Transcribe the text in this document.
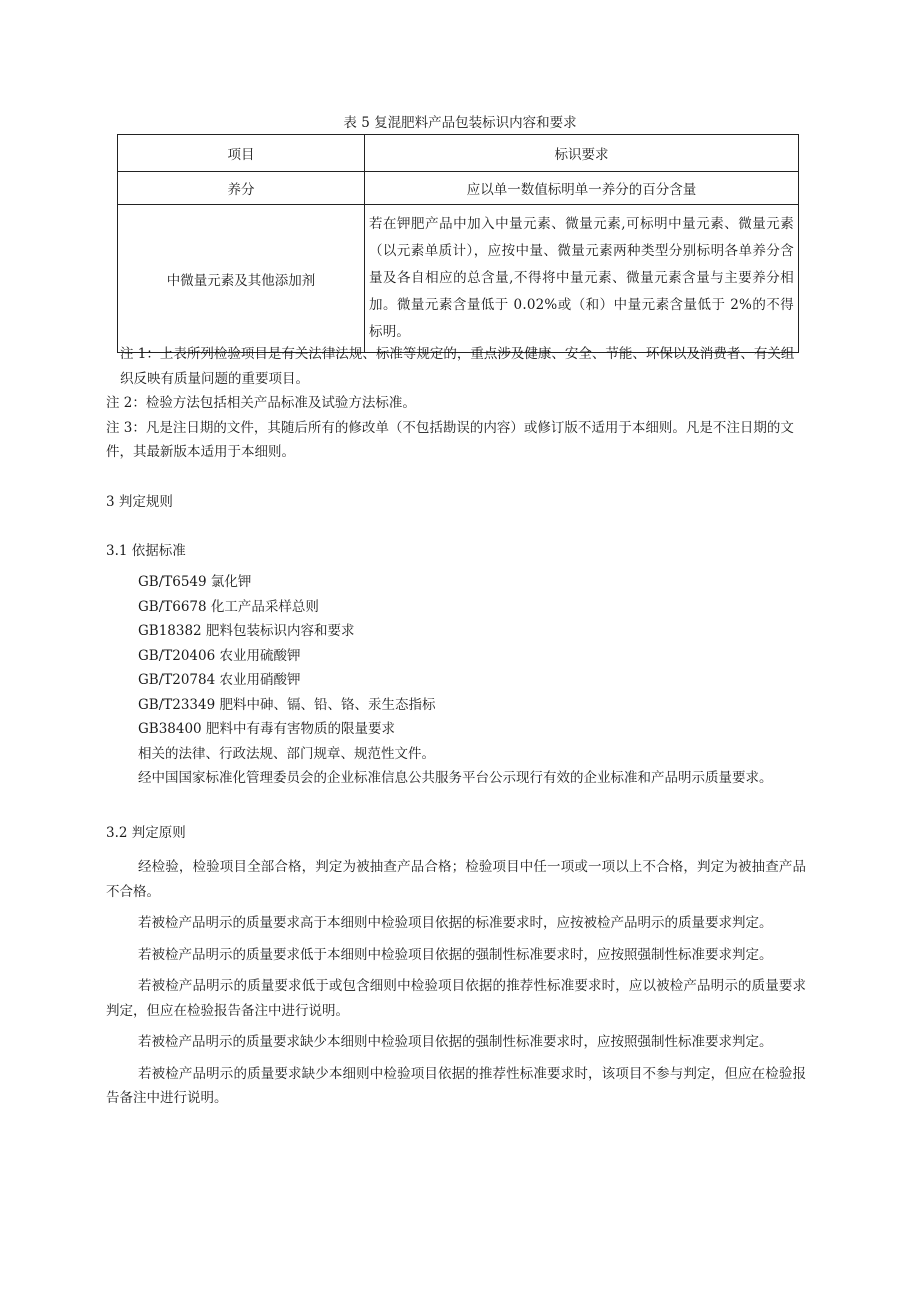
表 5 复混肥料产品包装标识内容和要求
项目	标识要求
养分	应以单一数值标明单一养分的百分含量
中微量元素及其他添加剂	若在钾肥产品中加入中量元素、微量元素,可标明中量元素、微量元素（以元素单质计），应按中量、微量元素两种类型分别标明各单养分含量及各自相应的总含量,不得将中量元素、微量元素含量与主要养分相加。微量元素含量低于 0.02%或（和）中量元素含量低于 2%的不得标明。

注 1：上表所列检验项目是有关法律法规、标准等规定的，重点涉及健康、安全、节能、环保以及消费者、有关组织反映有质量问题的重要项目。

注 2：检验方法包括相关产品标准及试验方法标准。

注 3：凡是注日期的文件，其随后所有的修改单（不包括勘误的内容）或修订版不适用于本细则。凡是不注日期的文件，其最新版本适用于本细则。

3 判定规则
3.1 依据标准

GB/T6549 氯化钾

GB/T6678 化工产品采样总则

GB18382 肥料包装标识内容和要求

GB/T20406 农业用硫酸钾

GB/T20784 农业用硝酸钾

GB/T23349 肥料中砷、镉、铅、铬、汞生态指标

GB38400 肥料中有毒有害物质的限量要求

相关的法律、行政法规、部门规章、规范性文件。

经中国国家标准化管理委员会的企业标准信息公共服务平台公示现行有效的企业标准和产品明示质量要求。

3.2 判定原则

经检验，检验项目全部合格，判定为被抽查产品合格；检验项目中任一项或一项以上不合格，判定为被抽查产品不合格。

若被检产品明示的质量要求高于本细则中检验项目依据的标准要求时，应按被检产品明示的质量要求判定。

若被检产品明示的质量要求低于本细则中检验项目依据的强制性标准要求时，应按照强制性标准要求判定。

若被检产品明示的质量要求低于或包含细则中检验项目依据的推荐性标准要求时，应以被检产品明示的质量要求判定，但应在检验报告备注中进行说明。

若被检产品明示的质量要求缺少本细则中检验项目依据的强制性标准要求时，应按照强制性标准要求判定。

若被检产品明示的质量要求缺少本细则中检验项目依据的推荐性标准要求时，该项目不参与判定，但应在检验报告备注中进行说明。
